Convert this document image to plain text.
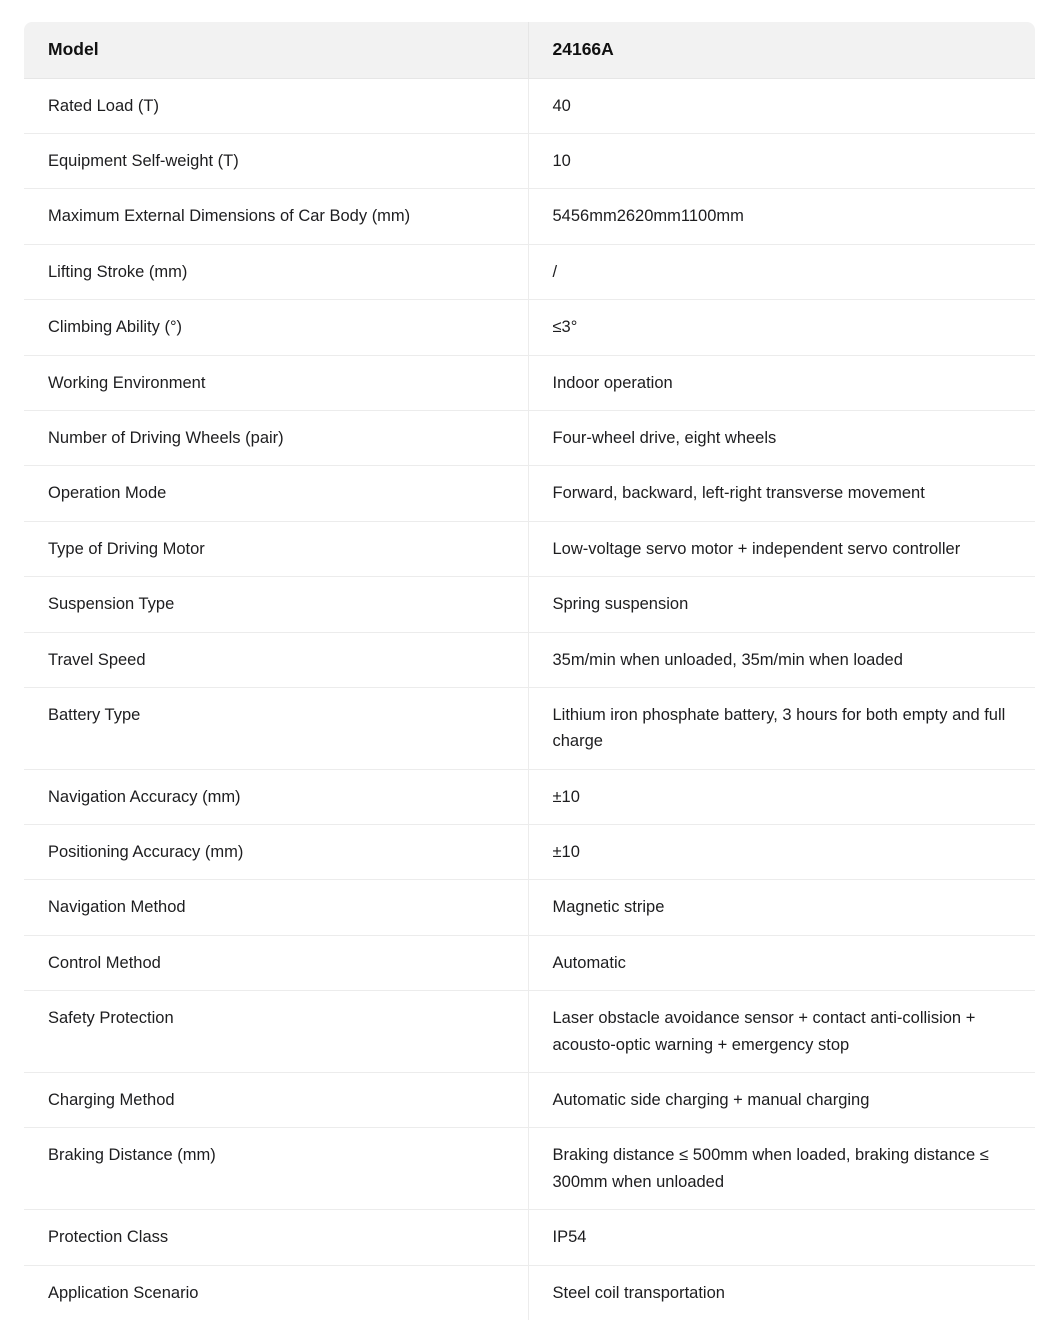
Model	24166A
Rated Load (T)	40
Equipment Self-weight (T)	10
Maximum External Dimensions of Car Body (mm)	5456mm2620mm1100mm
Lifting Stroke (mm)	/
Climbing Ability (°)	≤3°
Working Environment	Indoor operation
Number of Driving Wheels (pair)	Four-wheel drive, eight wheels
Operation Mode	Forward, backward, left-right transverse movement
Type of Driving Motor	Low-voltage servo motor + independent servo controller
Suspension Type	Spring suspension
Travel Speed	35m/min when unloaded, 35m/min when loaded
Battery Type	Lithium iron phosphate battery, 3 hours for both empty and full charge
Navigation Accuracy (mm)	±10
Positioning Accuracy (mm)	±10
Navigation Method	Magnetic stripe
Control Method	Automatic
Safety Protection	Laser obstacle avoidance sensor + contact anti-collision + acousto-optic warning + emergency stop
Charging Method	Automatic side charging + manual charging
Braking Distance (mm)	Braking distance ≤ 500mm when loaded, braking distance ≤ 300mm when unloaded
Protection Class	IP54
Application Scenario	Steel coil transportation
